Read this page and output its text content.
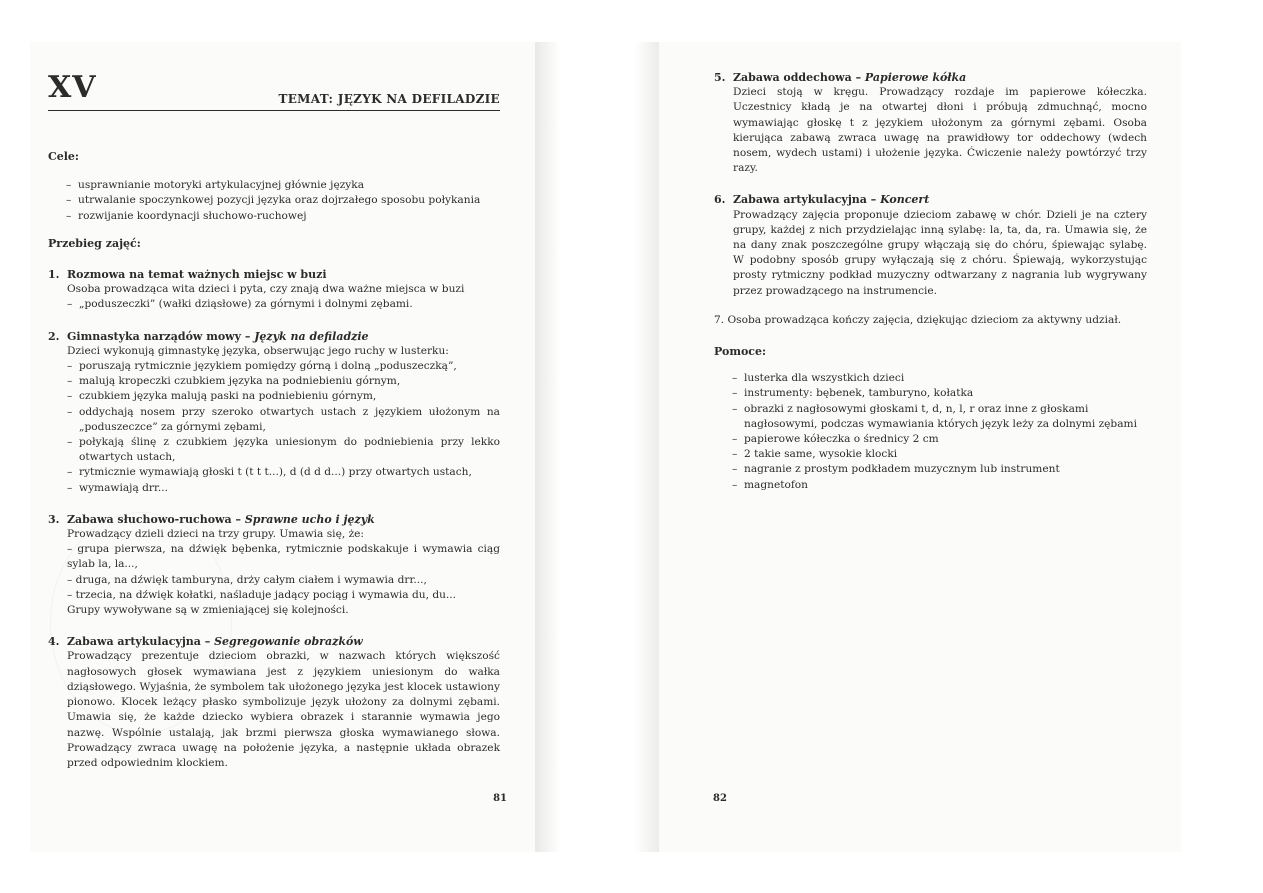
XV	TEMAT: JĘZYK NA DEFILADZIE
Cele:
– usprawnianie motoryki artykulacyjnej głównie języka
– utrwalanie spoczynkowej pozycji języka oraz dojrzałego sposobu połykania
– rozwijanie koordynacji słuchowo-ruchowej
Przebieg zajęć:
1. Rozmowa na temat ważnych miejsc w buzi
Osoba prowadząca wita dzieci i pyta, czy znają dwa ważne miejsca w buzi
– „poduszeczki” (wałki dziąsłowe) za górnymi i dolnymi zębami.
2. Gimnastyka narządów mowy – Język na defiladzie
Dzieci wykonują gimnastykę języka, obserwując jego ruchy w lusterku:
– poruszają rytmicznie językiem pomiędzy górną i dolną „poduszeczką”,
– malują kropeczki czubkiem języka na podniebieniu górnym,
– czubkiem języka malują paski na podniebieniu górnym,
– oddychają nosem przy szeroko otwartych ustach z językiem ułożonym na „poduszeczce” za górnymi zębami,
– połykają ślinę z czubkiem języka uniesionym do podniebienia przy lekko otwartych ustach,
– rytmicznie wymawiają głoski t (t t t...), d (d d d...) przy otwartych ustach,
– wymawiają drr...
3. Zabawa słuchowo-ruchowa – Sprawne ucho i język
Prowadzący dzieli dzieci na trzy grupy. Umawia się, że:
– grupa pierwsza, na dźwięk bębenka, rytmicznie podskakuje i wymawia ciąg sylab la, la...,
– druga, na dźwięk tamburyna, drży całym ciałem i wymawia drr...,
– trzecia, na dźwięk kołatki, naśladuje jadący pociąg i wymawia du, du...
Grupy wywoływane są w zmieniającej się kolejności.
4. Zabawa artykulacyjna – Segregowanie obrazków
Prowadzący prezentuje dzieciom obrazki, w nazwach których większość nagłosowych głosek wymawiana jest z językiem uniesionym do wałka dziąsłowego. Wyjaśnia, że symbolem tak ułożonego języka jest klocek ustawiony pionowo. Klocek leżący płasko symbolizuje język ułożony za dolnymi zębami. Umawia się, że każde dziecko wybiera obrazek i starannie wymawia jego nazwę. Wspólnie ustalają, jak brzmi pierwsza głoska wymawianego słowa. Prowadzący zwraca uwagę na położenie języka, a następnie układa obrazek przed odpowiednim klockiem.
81
5. Zabawa oddechowa – Papierowe kółka
Dzieci stoją w kręgu. Prowadzący rozdaje im papierowe kółeczka. Uczestnicy kładą je na otwartej dłoni i próbują zdmuchnąć, mocno wymawiając głoskę t z językiem ułożonym za górnymi zębami. Osoba kierująca zabawą zwraca uwagę na prawidłowy tor oddechowy (wdech nosem, wydech ustami) i ułożenie języka. Ćwiczenie należy powtórzyć trzy razy.
6. Zabawa artykulacyjna – Koncert
Prowadzący zajęcia proponuje dzieciom zabawę w chór. Dzieli je na cztery grupy, każdej z nich przydzielając inną sylabę: la, ta, da, ra. Umawia się, że na dany znak poszczególne grupy włączają się do chóru, śpiewając sylabę. W podobny sposób grupy wyłączają się z chóru. Śpiewają, wykorzystując prosty rytmiczny podkład muzyczny odtwarzany z nagrania lub wygrywany przez prowadzącego na instrumencie.
7. Osoba prowadząca kończy zajęcia, dziękując dzieciom za aktywny udział.
Pomoce:
– lusterka dla wszystkich dzieci
– instrumenty: bębenek, tamburyno, kołatka
– obrazki z nagłosowymi głoskami t, d, n, l, r oraz inne z głoskami nagłosowymi, podczas wymawiania których język leży za dolnymi zębami
– papierowe kółeczka o średnicy 2 cm
– 2 takie same, wysokie klocki
– nagranie z prostym podkładem muzycznym lub instrument
– magnetofon
82
